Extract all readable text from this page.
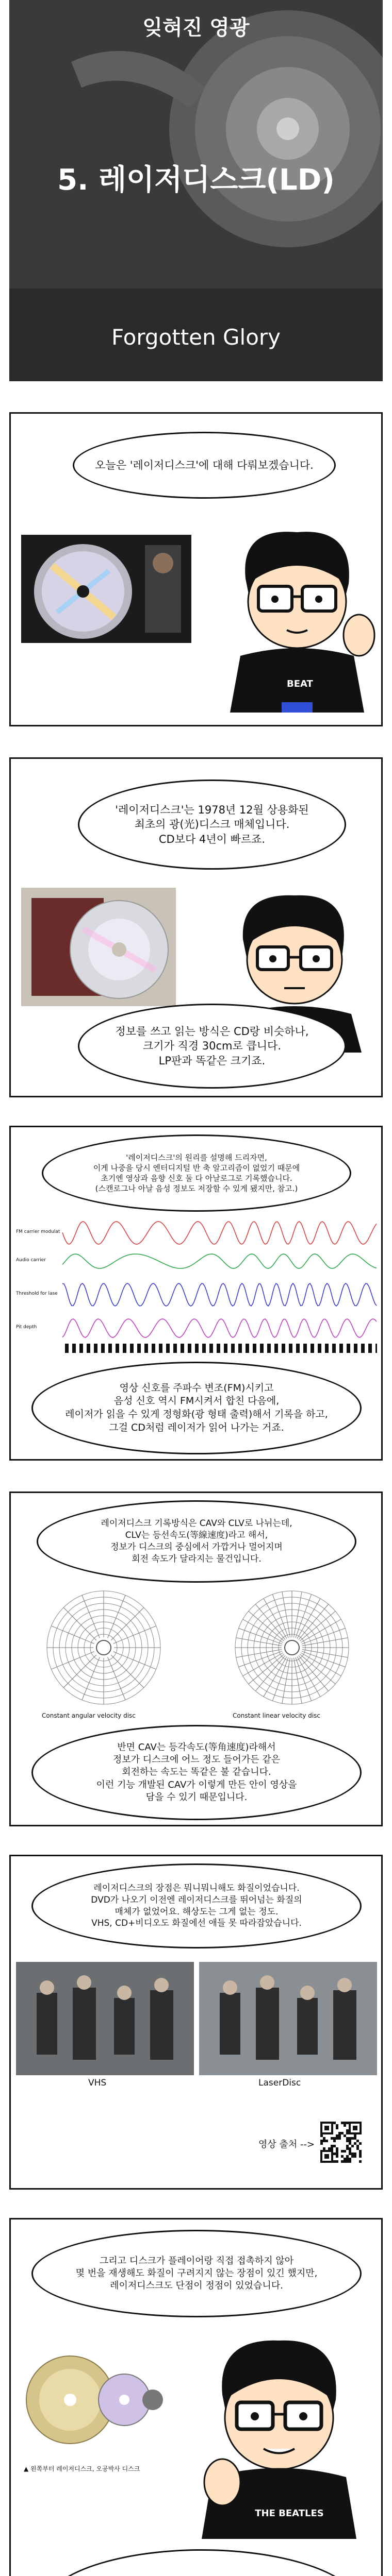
잊혀진 영광
5. 레이저디스크(LD)
Forgotten Glory
오늘은 '레이저디스크'에 대해 다뤄보겠습니다.
BEAT
'레이저디스크'는 1978년 12월 상용화된
최초의 광(光)디스크 매체입니다.
CD보다 4년이 빠르죠.
정보를 쓰고 읽는 방식은 CD랑 비슷하나,
크기가 직경 30cm로 큽니다.
LP판과 똑같은 크기죠.
'레이저디스크'의 원리를 설명해 드리자면,
이게 나중을 당시 엔터디지털 반 축 알고리즘이 없었기 때문에
초기엔 영상과 음향 신호 둘 다 아날로그로 기록했습니다.
(스캔로그나 아날 음성 정보도 저장할 수 있게 됐지만, 참고.)
FM carrier modulat
Audio carrier
Threshold for lase
Pit depth
영상 신호를 주파수 변조(FM)시키고
음성 신호 역시 FM시켜서 합친 다음에,
레이저가 읽을 수 있게 정형화(광 형태 출력)해서 기록을 하고,
그걸 CD처럼 레이저가 읽어 나가는 거죠.
레이저디스크 기록방식은 CAV와 CLV로 나뉘는데,
CLV는 등선속도(等線速度)라고 해서,
정보가 디스크의 중심에서 가깝거나 멀어지며
회전 속도가 달라지는 물건입니다.
Constant angular velocity disc	Constant linear velocity disc
반면 CAV는 등각속도(等角速度)라해서
정보가 디스크에 어느 정도 들어가든 같은
회전하는 속도는 똑같은 불 같습니다.
이런 기능 개발된 CAV가 이렇게 만든 안이 영상을
담을 수 있기 때문입니다.
레이저디스크의 장점은 뭐니뭐니해도 화질이었습니다.
DVD가 나오기 이전엔 레이저디스크를 뛰어넘는 화질의
매체가 없었어요. 해상도는 그게 없는 정도.
VHS, CD+비디오도 화질에선 애들 못 따라잡았습니다.
VHS	LaserDisc
영상 출처 -->
그리고 디스크가 플레이어랑 직접 접촉하지 않아
몇 번을 재생해도 화질이 구려지지 않는 장점이 있긴 했지만,
레이저디스크도 단점이 정점이 있었습니다.
▲ 왼쪽부터 레이저디스크, 오공박사 디스크
THE BEATLES
